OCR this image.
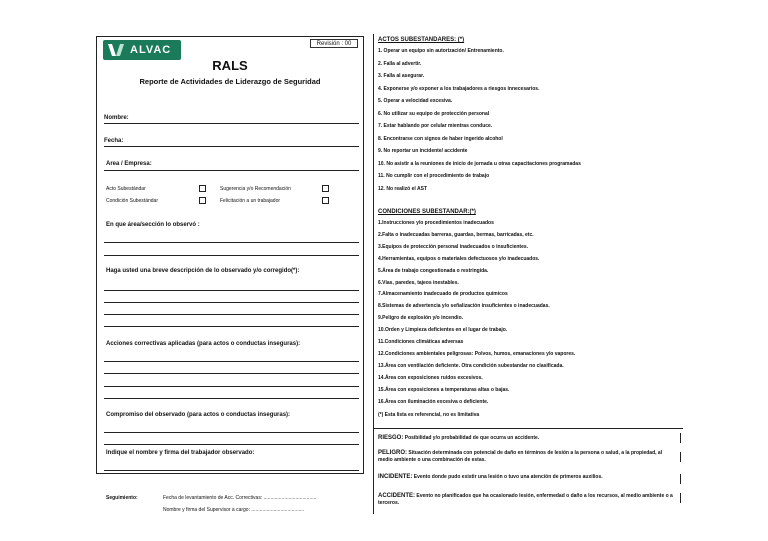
ALVAC	Revisión : 00
RALS
Reporte de Actividades de Liderazgo de Seguridad
Nombre:
Fecha:
Area / Empresa:
Acto Subestándar	Sugerencia y/o Recomendación
Condición Subestándar	Felicitación a un trabajador
En que área/sección lo observó :
Haga usted una breve descripción de lo observado y/o corregido(*):
Acciones correctivas aplicadas (para actos o conductas inseguras):
Compromiso del observado (para actos o conductas inseguras):
Indique el nombre y firma del trabajador observado:
Seguimiento:	Fecha de levantamiento de Acc. Correctivas: ......................................
Nombre y firma del Supervisor a cargo: ......................................
ACTOS SUBESTANDARES: (*)
1. Operar un equipo sin autorización/ Entrenamiento.
2. Falla al advertir.
3. Falla al asegurar.
4. Exponerse y/o exponer a los trabajadores a riesgos innecesarios.
5. Operar a velocidad excesiva.
6. No utilizar su equipo de protección personal
7. Estar hablando por celular mientras conduce.
8. Encontrarse con signos de haber ingerido alcohol
9. No reportar un incidente/ accidente
10. No asistir a la reuniones de inicio de jornada u otras capacitaciones programadas
11. No cumplir con el procedimiento de trabajo
12. No realizó el AST
CONDICIONES SUBESTANDAR:(*)
1.Instrucciones y/o procedimientos inadecuados
2.Falta o inadecuadas barreras, guardas, bermas, barricadas, etc.
3.Equipos de protección personal inadecuados o insuficientes.
4.Herramientas, equipos o materiales defectuosos y/o inadecuados.
5.Área de trabajo congestionada o restringida.
6.Vías, paredes, tajeos inestables.
7.Almacenamiento inadecuado de productos químicos
8.Sistemas de advertencia y/o señalización insuficientes o inadecuadas.
9.Peligro de explosión y/o incendio.
10.Orden y Limpieza deficientes en el lugar de trabajo.
11.Condiciones climáticas adversas
12.Condiciones ambientales peligrosas: Polvos, humos, emanaciones y/o vapores.
13.Área con ventilación deficiente. Otra condición subestandar no clasificada.
14.Área con exposiciones ruidos excesivos.
15.Área con exposiciones a temperaturas altas o bajas.
16.Área con iluminación excesiva o deficiente.
(*) Esta lista es referencial, no es limitativa
RIESGO: Posibilidad y/o probabilidad de que ocurra un accidente.
PELIGRO: Situación determinada con potencial de daño en términos de lesión a la persona o salud, a la propiedad, al medio ambiente o una combinación de estas.
INCIDENTE: Evento donde pudo existir una lesión o tuvo una atención de primeros auxilios.
ACCIDENTE: Evento no planificados que ha ocasionado lesión, enfermedad o daño a los recursos, al medio ambiente o a terceros.
